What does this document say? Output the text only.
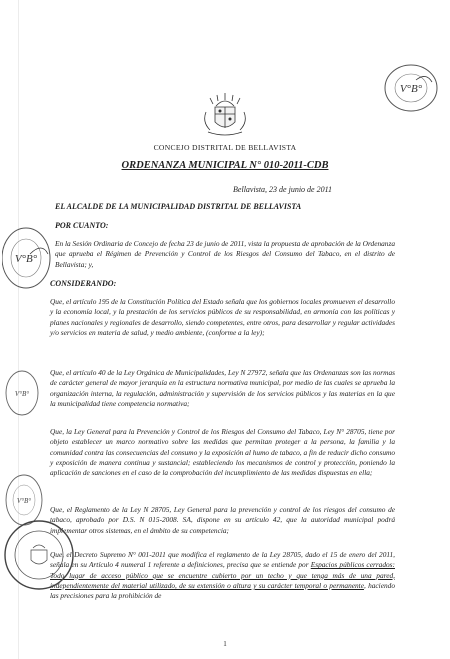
CONCEJO DISTRITAL DE BELLAVISTA
ORDENANZA MUNICIPAL N° 010-2011-CDB
Bellavista, 23 de junio de 2011
EL ALCALDE DE LA MUNICIPALIDAD DISTRITAL DE BELLAVISTA
POR CUANTO:
CONSIDERANDO:
En la Sesión Ordinaria de Concejo de fecha 23 de junio de 2011, vista la propuesta de aprobación de la Ordenanza que aprueba el Régimen de Prevención y Control de los Riesgos del Consumo del Tabaco, en el distrito de Bellavista; y,
Que, el artículo 195 de la Constitución Política del Estado señala que los gobiernos locales promueven el desarrollo y la economía local, y la prestación de los servicios públicos de su responsabilidad, en armonía con las políticas y planes nacionales y regionales de desarrollo, siendo competentes, entre otros, para desarrollar y regular actividades y/o servicios en materia de salud, y medio ambiente, (conforme a la ley);
Que, el artículo 40 de la Ley Orgánica de Municipalidades, Ley N 27972, señala que las Ordenanzas son las normas de carácter general de mayor jerarquía en la estructura normativa municipal, por medio de las cuales se aprueba la organización interna, la regulación, administración y supervisión de los servicios públicos y las materias en la que la municipalidad tiene competencia normativa;
Que, la Ley General para la Prevención y Control de los Riesgos del Consumo del Tabaco, Ley N° 28705, tiene por objeto establecer un marco normativo sobre las medidas que permitan proteger a la persona, la familia y la comunidad contra las consecuencias del consumo y la exposición al humo de tabaco, a fin de reducir dicho consumo y exposición de manera continua y sustancial; estableciendo los mecanismos de control y protección, poniendo la aplicación de sanciones en el caso de la comprobación del incumplimiento de las medidas dispuestas en ella;
Que, el Reglamento de la Ley N 28705, Ley General para la prevención y control de los riesgos del consumo de tabaco, aprobado por D.S. N 015-2008. SA, dispone en su artículo 42, que la autoridad municipal podrá implementar otros sistemas, en el ámbito de su competencia;
Que, el Decreto Supremo N° 001-2011 que modifica el reglamento de la Ley 28705, dado el 15 de enero del 2011, señala en su Artículo 4 numeral 1 referente a definiciones, precisa que se entiende por Espacios públicos cerrados: Todo lugar de acceso público que se encuentre cubierto por un techo y que tenga más de una pared, independientemente del material utilizado, de su extensión o altura y su carácter temporal o permanente, haciendo las precisiones para la prohibición de
1
V°B°
V°B°
V°B°
V°B°
